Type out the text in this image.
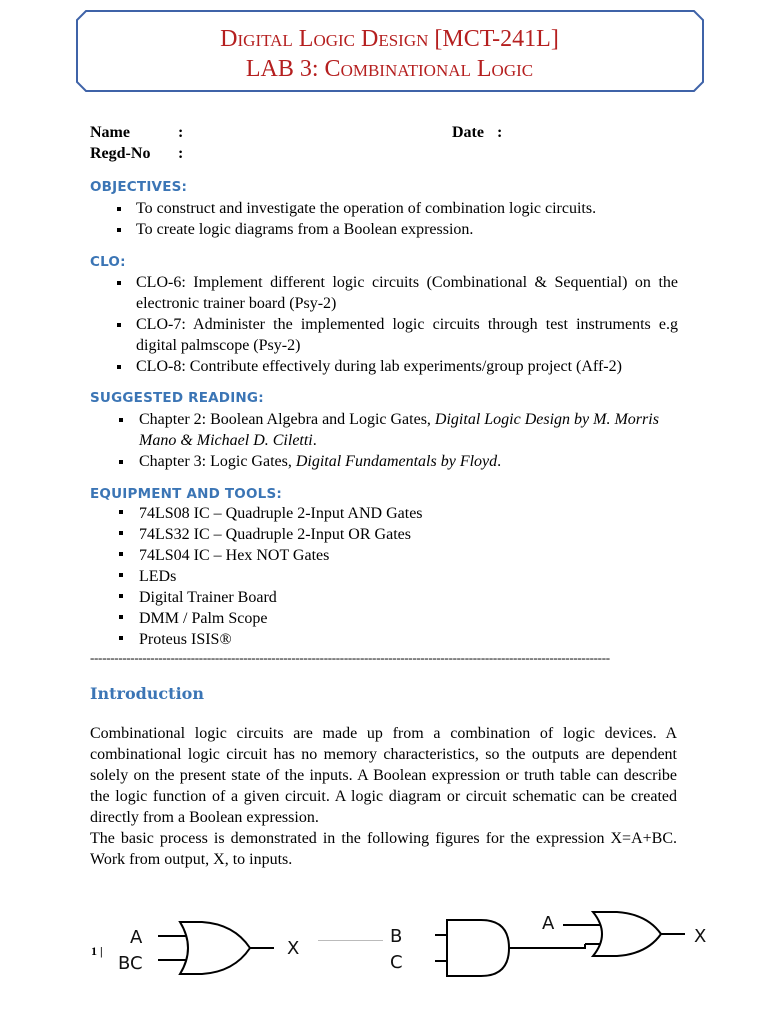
Digital Logic Design [MCT-241L]
LAB 3: Combinational Logic
Name	:
Regd-No :
Date :
OBJECTIVES:
To construct and investigate the operation of combination logic circuits.
To create logic diagrams from a Boolean expression.
CLO:
CLO-6: Implement different logic circuits (Combinational & Sequential) on the electronic trainer board (Psy-2)
CLO-7: Administer the implemented logic circuits through test instruments e.g digital palmscope (Psy-2)
CLO-8: Contribute effectively during lab experiments/group project (Aff-2)
SUGGESTED READING:
Chapter 2: Boolean Algebra and Logic Gates, Digital Logic Design by M. Morris Mano & Michael D. Ciletti.
Chapter 3: Logic Gates, Digital Fundamentals by Floyd.
EQUIPMENT AND TOOLS:
74LS08 IC – Quadruple 2-Input AND Gates
74LS32 IC – Quadruple 2-Input OR Gates
74LS04 IC – Hex NOT Gates
LEDs
Digital Trainer Board
DMM / Palm Scope
Proteus ISIS®
---------------------------------------------------------------------------------------------------------------------------------
Introduction
Combinational logic circuits are made up from a combination of logic devices. A combinational logic circuit has no memory characteristics, so the outputs are dependent solely on the present state of the inputs. A Boolean expression or truth table can describe the logic function of a given circuit. A logic diagram or circuit schematic can be created directly from a Boolean expression.
The basic process is demonstrated in the following figures for the expression X=A+BC. Work from output, X, to inputs.
1 |
A
BC
X
A
B
C
X
